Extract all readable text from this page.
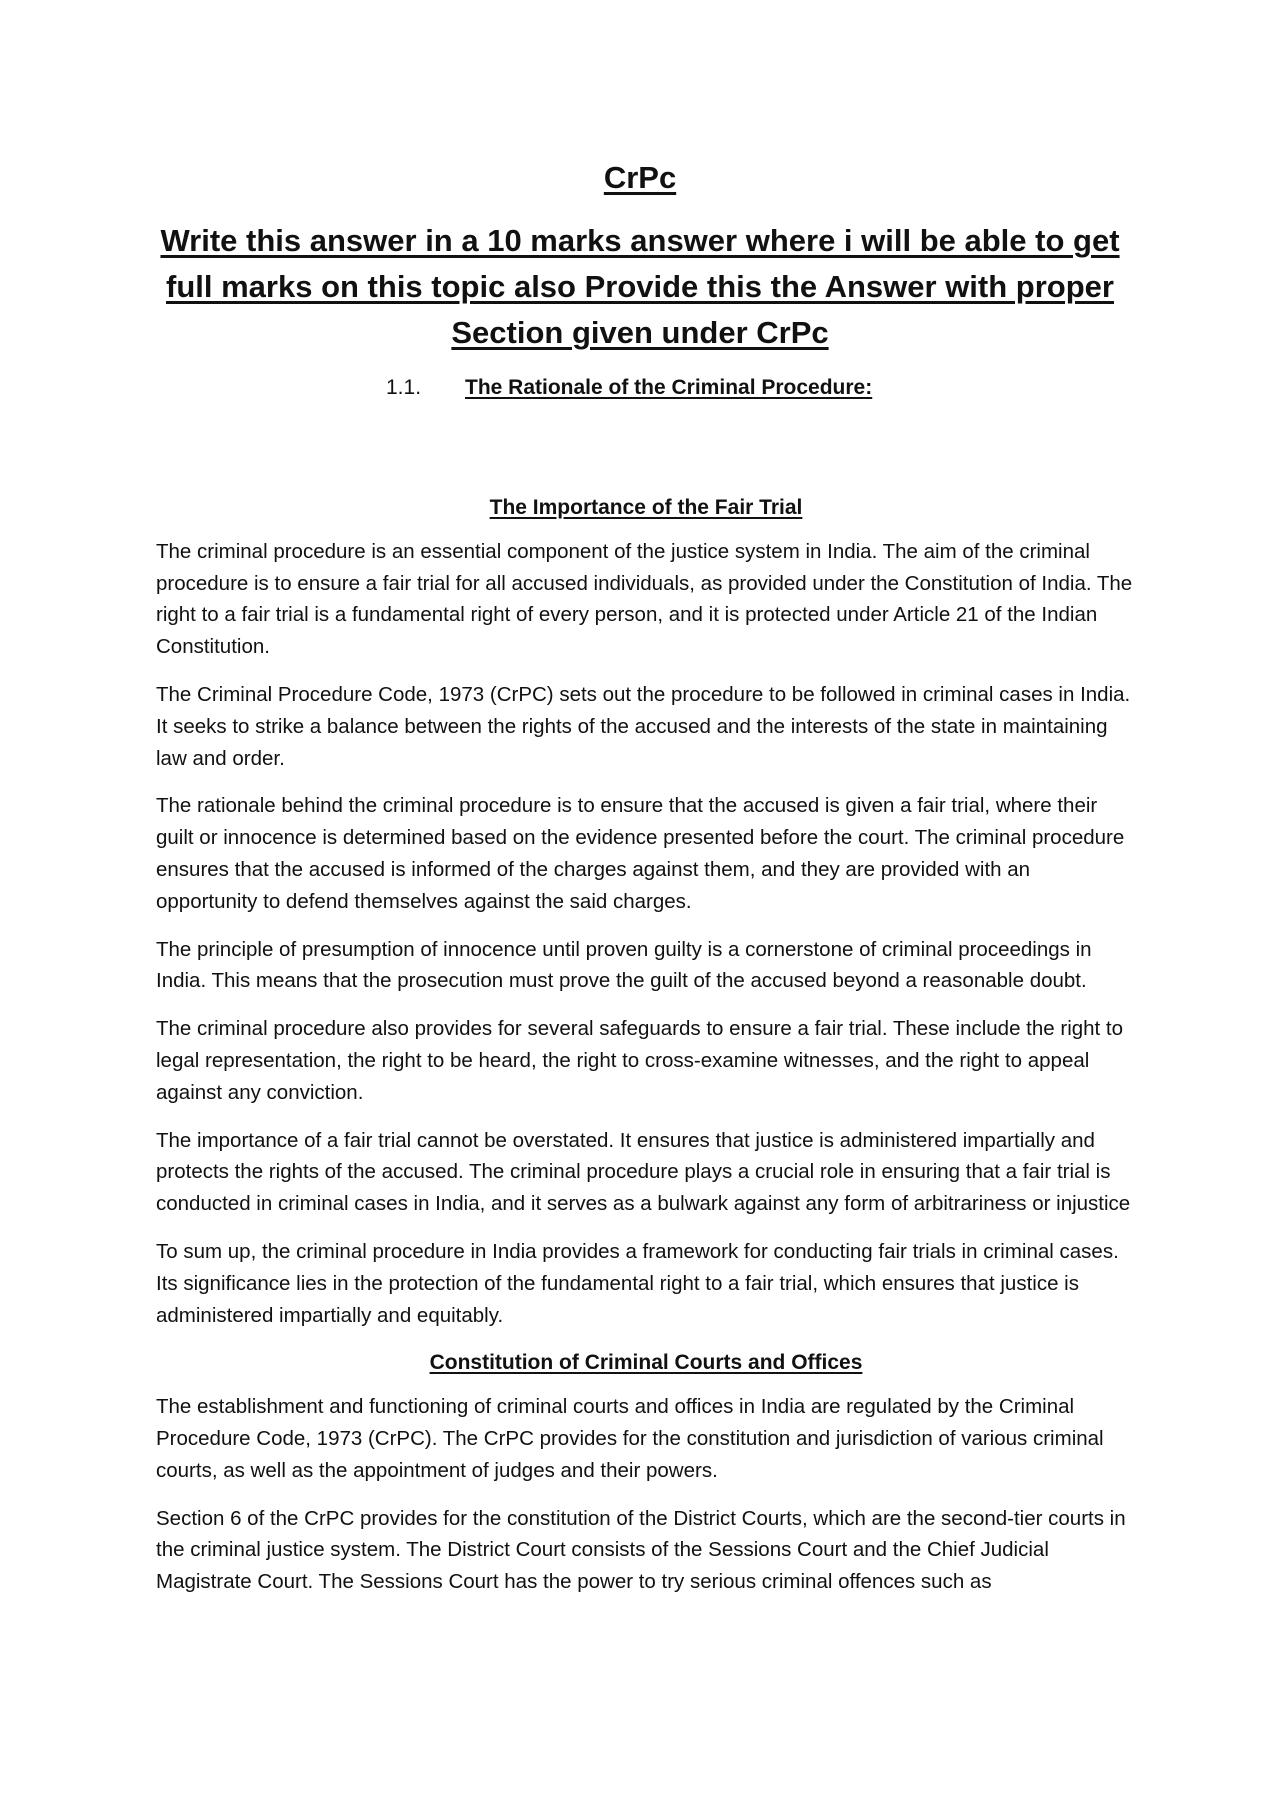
CrPc
Write this answer in a 10 marks answer where i will be able to get full marks on this topic also Provide this the Answer with proper Section given under CrPc
1.1. The Rationale of the Criminal Procedure:
The Importance of the Fair Trial

The criminal procedure is an essential component of the justice system in India. The aim of the criminal procedure is to ensure a fair trial for all accused individuals, as provided under the Constitution of India. The right to a fair trial is a fundamental right of every person, and it is protected under Article 21 of the Indian Constitution.

The Criminal Procedure Code, 1973 (CrPC) sets out the procedure to be followed in criminal cases in India. It seeks to strike a balance between the rights of the accused and the interests of the state in maintaining law and order.

The rationale behind the criminal procedure is to ensure that the accused is given a fair trial, where their guilt or innocence is determined based on the evidence presented before the court. The criminal procedure ensures that the accused is informed of the charges against them, and they are provided with an opportunity to defend themselves against the said charges.

The principle of presumption of innocence until proven guilty is a cornerstone of criminal proceedings in India. This means that the prosecution must prove the guilt of the accused beyond a reasonable doubt.

The criminal procedure also provides for several safeguards to ensure a fair trial. These include the right to legal representation, the right to be heard, the right to cross-examine witnesses, and the right to appeal against any conviction.

The importance of a fair trial cannot be overstated. It ensures that justice is administered impartially and protects the rights of the accused. The criminal procedure plays a crucial role in ensuring that a fair trial is conducted in criminal cases in India, and it serves as a bulwark against any form of arbitrariness or injustice

To sum up, the criminal procedure in India provides a framework for conducting fair trials in criminal cases. Its significance lies in the protection of the fundamental right to a fair trial, which ensures that justice is administered impartially and equitably.

Constitution of Criminal Courts and Offices

The establishment and functioning of criminal courts and offices in India are regulated by the Criminal Procedure Code, 1973 (CrPC). The CrPC provides for the constitution and jurisdiction of various criminal courts, as well as the appointment of judges and their powers.

Section 6 of the CrPC provides for the constitution of the District Courts, which are the second-tier courts in the criminal justice system. The District Court consists of the Sessions Court and the Chief Judicial Magistrate Court. The Sessions Court has the power to try serious criminal offences such as
